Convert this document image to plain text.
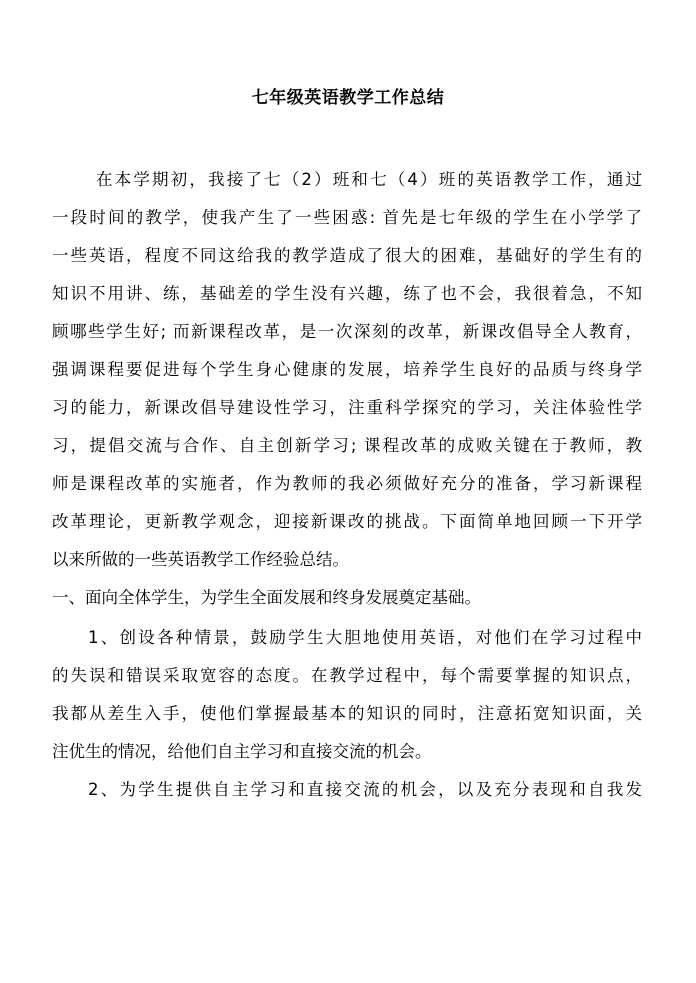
七年级英语教学工作总结
在本学期初，我接了七（2）班和七（4）班的英语教学工作，通过
一段时间的教学，使我产生了一些困惑: 首先是七年级的学生在小学学了
一些英语，程度不同这给我的教学造成了很大的困难，基础好的学生有的
知识不用讲、练，基础差的学生没有兴趣，练了也不会，我很着急，不知
顾哪些学生好; 而新课程改革，是一次深刻的改革，新课改倡导全人教育，
强调课程要促进每个学生身心健康的发展，培养学生良好的品质与终身学
习的能力，新课改倡导建设性学习，注重科学探究的学习，关注体验性学
习，提倡交流与合作、自主创新学习; 课程改革的成败关键在于教师，教
师是课程改革的实施者，作为教师的我必须做好充分的准备，学习新课程
改革理论，更新教学观念，迎接新课改的挑战。下面简单地回顾一下开学
以来所做的一些英语教学工作经验总结。
一、面向全体学生，为学生全面发展和终身发展奠定基础。
1、创设各种情景，鼓励学生大胆地使用英语，对他们在学习过程中
的失误和错误采取宽容的态度。在教学过程中，每个需要掌握的知识点，
我都从差生入手，使他们掌握最基本的知识的同时，注意拓宽知识面，关
注优生的情况，给他们自主学习和直接交流的机会。
2、为学生提供自主学习和直接交流的机会，以及充分表现和自我发
